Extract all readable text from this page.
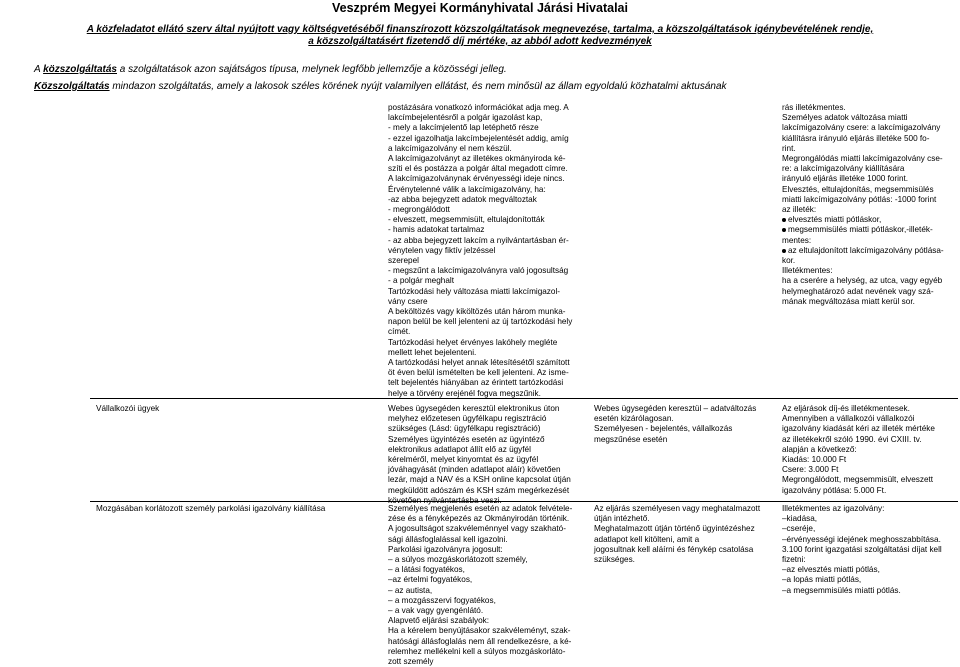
Veszprém Megyei Kormányhivatal Járási Hivatalai
A közfeladatot ellátó szerv által nyújtott vagy költségvetéséből finanszírozott közszolgáltatások megnevezése, tartalma, a közszolgáltatások igénybevételének rendje,
a közszolgáltatásért fizetendő díj mértéke, az abból adott kedvezmények
A közszolgáltatás a szolgáltatások azon sajátságos típusa, melynek legfőbb jellemzője a közösségi jelleg.
Közszolgáltatás mindazon szolgáltatás, amely a lakosok széles körének nyújt valamilyen ellátást, és nem minősül az állam egyoldalú közhatalmi aktusának
postázására vonatkozó információkat adja meg. A
lakcímbejelentésről a polgár igazolást kap,
- mely a lakcímjelentő lap letéphető része
- ezzel igazolhatja lakcímbejelentését addig, amíg
a lakcímigazolvány el nem készül.
A lakcímigazolványt az illetékes okmányiroda ké-
szíti el és postázza a polgár által megadott címre.
A lakcímigazolványnak érvényességi ideje nincs.
Érvénytelenné válik a lakcímigazolvány, ha:
-az abba bejegyzett adatok megváltoztak
- megrongálódott
- elveszett, megsemmisült, eltulajdonították
- hamis adatokat tartalmaz
- az abba bejegyzett lakcím a nyilvántartásban ér-
vénytelen vagy fiktív jelzéssel
szerepel
- megszűnt a lakcímigazolványra való jogosultság
- a polgár meghalt
Tartózkodási hely változása miatti lakcímigazol-
vány csere
A beköltözés vagy kiköltözés után három munka-
napon belül be kell jelenteni az új tartózkodási hely
címét.
Tartózkodási helyet érvényes lakóhely megléte
mellett lehet bejelenteni.
A tartózkodási helyet annak létesítésétől számított
öt éven belül ismételten be kell jelenteni. Az isme-
telt bejelentés hiányában az érintett tartózkodási
helye a törvény erejénél fogva megszűnik.
rás illetékmentes.
Személyes adatok változása miatti
lakcímigazolvány csere: a lakcímigazolvány
kiállításra irányuló eljárás illetéke 500 fo-
rint.
Megrongálódás miatti lakcímigazolvány cse-
re: a lakcímigazolvány kiállítására
irányuló eljárás illetéke 1000 forint.
Elvesztés, eltulajdonítás, megsemmisülés
miatti lakcímigazolvány pótlás: -1000 forint
az illeték:
elvesztés miatti pótláskor,
megsemmisülés miatti pótláskor,-illeték-
mentes:
az eltulajdonított lakcímigazolvány pótlása-
kor.
Illetékmentes:
ha a cserére a helység, az utca, vagy egyéb
helymeghatározó adat nevének vagy szá-
mának megváltozása miatt kerül sor.
Vállalkozói ügyek	Webes ügysegéden keresztül elektronikus úton
melyhez előzetesen ügyfélkapu regisztráció
szükséges (Lásd: ügyfélkapu regisztráció)
Személyes ügyintézés esetén az ügyintéző
elektronikus adatlapot állít elő az ügyfél
kérelméről, melyet kinyomtat és az ügyfél
jóváhagyását (minden adatlapot aláír) követően
lezár, majd a NAV és a KSH online kapcsolat útján
megküldött adószám és KSH szám megérkezését
követően nyilvántartásba veszi.
Webes ügysegéden keresztül – adatváltozás
esetén kizárólagosan.
Személyesen - bejelentés, vállalkozás
megszűnése esetén
Az eljárások díj-és illetékmentesek.
Amennyiben a vállalkozói vállalkozói
igazolvány kiadását kéri az illeték mértéke
az illetékekről szóló 1990. évi CXIII. tv.
alapján a következő:
Kiadás: 10.000 Ft
Csere: 3.000 Ft
Megrongálódott, megsemmisült, elveszett
igazolvány pótlása: 5.000 Ft.
Mozgásában korlátozott személy parkolási igazolvány kiállítása	Személyes megjelenés esetén az adatok felvétele-
zése és a fényképezés az Okmányirodán történik.
A jogosultságot szakvéleménnyel vagy szakható-
sági állásfoglalással kell igazolni.
Parkolási igazolványra jogosult:
– a súlyos mozgáskorlátozott személy,
– a látási fogyatékos,
–az értelmi fogyatékos,
– az autista,
– a mozgásszervi fogyatékos,
– a vak vagy gyengénlátó.
Alapvető eljárási szabályok:
Ha a kérelem benyújtásakor szakvéleményt, szak-
hatósági állásfoglalás nem áll rendelkezésre, a ké-
relemhez mellékelni kell a súlyos mozgáskorláto-
zott személy
Az eljárás személyesen vagy meghatalmazott
útján intézhető.
Meghatalmazott útján történő ügyintézéshez
adatlapot kell kitölteni, amit a
jogosultnak kell aláírni és fénykép csatolása
szükséges.
Illetékmentes az igazolvány:
–kiadása,
–cseréje,
–érvényességi idejének meghosszabbítása.
3.100 forint igazgatási szolgáltatási díjat kell
fizetni:
–az elvesztés miatti pótlás,
–a lopás miatti pótlás,
–a megsemmisülés miatti pótlás.
